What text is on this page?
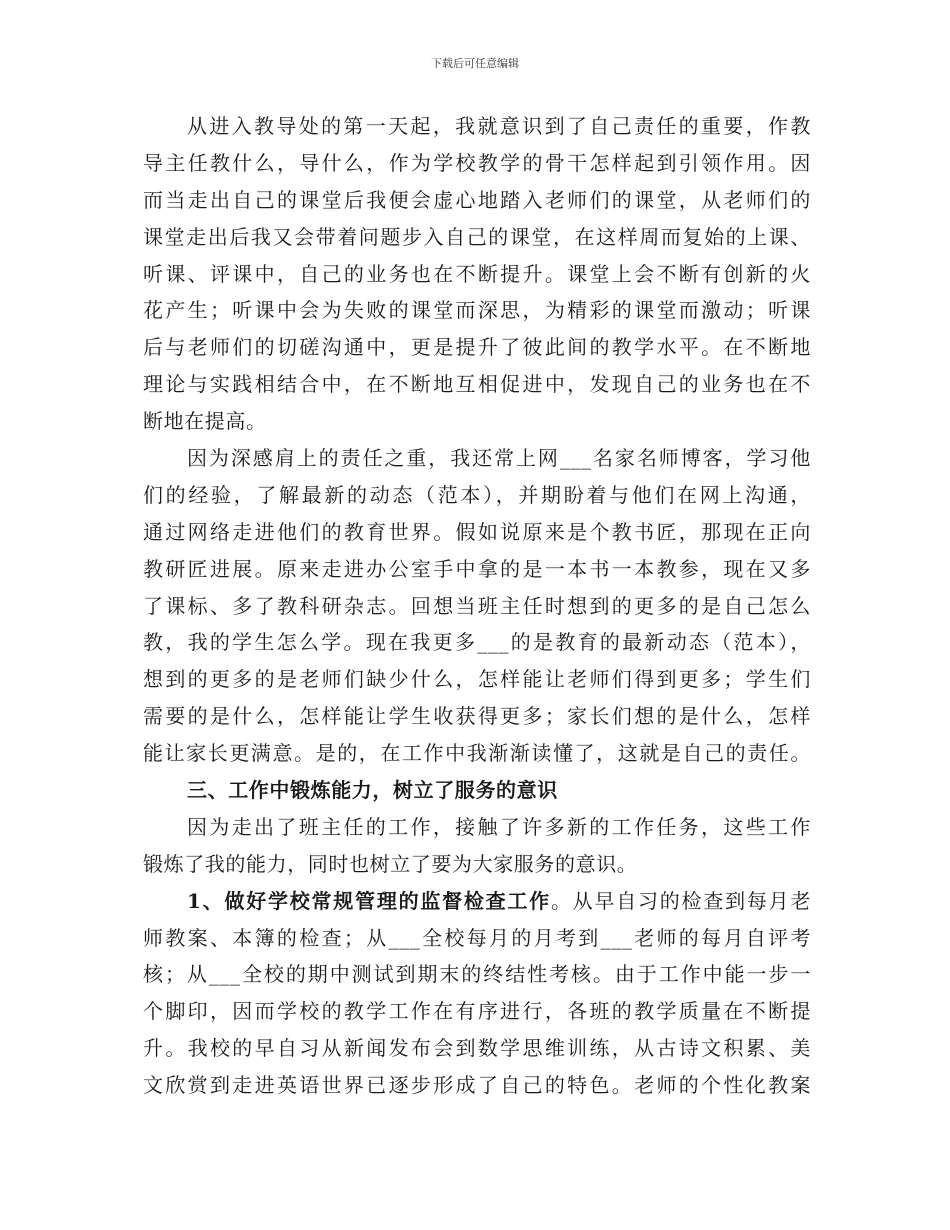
下载后可任意编辑
从进入教导处的第一天起，我就意识到了自己责任的重要，作教
导主任教什么，导什么，作为学校教学的骨干怎样起到引领作用。因
而当走出自己的课堂后我便会虚心地踏入老师们的课堂，从老师们的
课堂走出后我又会带着问题步入自己的课堂，在这样周而复始的上课、
听课、评课中，自己的业务也在不断提升。课堂上会不断有创新的火
花产生；听课中会为失败的课堂而深思，为精彩的课堂而激动；听课
后与老师们的切磋沟通中，更是提升了彼此间的教学水平。在不断地
理论与实践相结合中，在不断地互相促进中，发现自己的业务也在不
断地在提高。
因为深感肩上的责任之重，我还常上网___名家名师博客，学习他
们的经验，了解最新的动态（范本），并期盼着与他们在网上沟通，
通过网络走进他们的教育世界。假如说原来是个教书匠，那现在正向
教研匠进展。原来走进办公室手中拿的是一本书一本教参，现在又多
了课标、多了教科研杂志。回想当班主任时想到的更多的是自己怎么
教，我的学生怎么学。现在我更多___的是教育的最新动态（范本），
想到的更多的是老师们缺少什么，怎样能让老师们得到更多；学生们
需要的是什么，怎样能让学生收获得更多；家长们想的是什么，怎样
能让家长更满意。是的，在工作中我渐渐读懂了，这就是自己的责任。
三、工作中锻炼能力，树立了服务的意识
因为走出了班主任的工作，接触了许多新的工作任务，这些工作
锻炼了我的能力，同时也树立了要为大家服务的意识。
1、做好学校常规管理的监督检查工作。从早自习的检查到每月老
师教案、本簿的检查；从___全校每月的月考到___老师的每月自评考
核；从___全校的期中测试到期末的终结性考核。由于工作中能一步一
个脚印，因而学校的教学工作在有序进行，各班的教学质量在不断提
升。我校的早自习从新闻发布会到数学思维训练，从古诗文积累、美
文欣赏到走进英语世界已逐步形成了自己的特色。老师的个性化教案
